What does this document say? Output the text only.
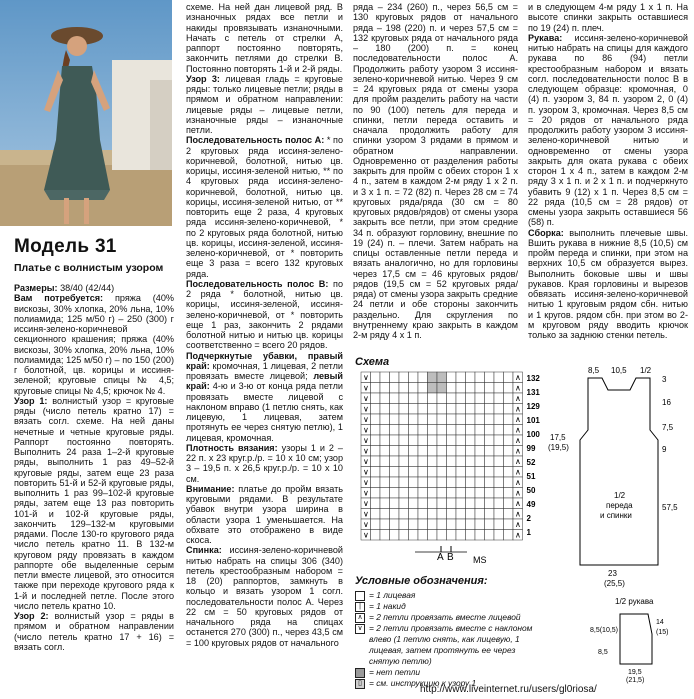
Модель 31
Платье с волнистым узором

Размеры: 38/40 (42/44)

Вам потребуется: пряжа (40% вискозы, 30% хлопка, 20% льна, 10% полиамида; 125 м/50 г) – 250 (300) г иссиня-зелено-коричневой секционного крашения; пряжа (40% вискозы, 30% хлопка, 20% льна, 10% полиамида; 125 м/50 г) – по 150 (200) г болотной, цв. корицы и иссиня-зеленой; круговые спицы № 4,5; круговые спицы № 4,5; крючок № 4.

Узор 1: волнистый узор = круговые ряды (число петель кратно 17) = вязать согл. схеме. На ней даны нечетные и четные круговые ряды. Раппорт постоянно повторять. Выполнить 24 раза 1–2-й круговые ряды, выполнить 1 раз 49–52-й круговые ряды, затем еще 23 раза повторить 51-й и 52-й круговые ряды, выполнить 1 раз 99–102-й круговые ряды, затем еще 13 раз повторить 101-й и 102-й круговые ряды, закончить 129–132-м круговыми рядами. После 130-го кругового ряда число петель кратно 11. В 132-м круговом ряду провязать в каждом раппорте обе выделенные серым петли вместе лицевой, это относится также при переходе кругового ряда к 1-й и последней петле. После этого число петель кратно 10.

Узор 2: волнистый узор = ряды в прямом и обратном направлении (число петель кратно 17 + 16) = вязать согл.

схеме. На ней дан лицевой ряд. В изнаночных рядах все петли и накиды провязывать изнаночными. Начать с петель от стрелки А, раппорт постоянно повторять, закончить петлями до стрелки В. Постоянно повторять 1-й и 2-й ряды.

Узор 3: лицевая гладь = круговые ряды: только лицевые петли; ряды в прямом и обратном направлении: лицевые ряды – лицевые петли, изнаночные ряды – изнаночные петли.

Последовательность полос А: * по 2 круговых ряда иссиня-зелено-коричневой, болотной, нитью цв. корицы, иссиня-зеленой нитью, ** по 4 круговых ряда иссиня-зелено-коричневой, болотной, нитью цв. корицы, иссиня-зеленой нитью, от ** повторить еще 2 раза, 4 круговых ряда иссиня-зелено-коричневой, * по 2 круговых ряда болотной, нитью цв. корицы, иссиня-зеленой, иссиня-зелено-коричневой, от * повторить еще 3 раза = всего 132 круговых ряда.

Последовательность полос В: по 2 ряда * болотной, нитью цв. корицы, иссиня-зеленой, иссиня-зелено-коричневой, от * повторить еще 1 раз, закончить 2 рядами болотной нитью и нитью цв. корицы соответственно = всего 20 рядов.

Подчеркнутые убавки, правый край: кромочная, 1 лицевая, 2 петли провязать вместе лицевой; левый край: 4-ю и 3-ю от конца ряда петли провязать вместе лицевой с наклоном вправо (1 петлю снять, как лицевую, 1 лицевая, затем протянуть ее через снятую петлю), 1 лицевая, кромочная.

Плотность вязания: узоры 1 и 2 – 22 п. х 23 круг.р./р. = 10 х 10 см; узор 3 – 19,5 п. х 26,5 круг.р./р. = 10 х 10 см.

Внимание: платье до пройм вязать круговыми рядами. В результате убавок внутри узора ширина в области узора 1 уменьшается. На обхвате это отображено в виде скоса.

Спинка: иссиня-зелено-коричневой нитью набрать на спицы 306 (340) петель крестообразным набором = 18 (20) раппортов, замкнуть в кольцо и вязать узором 1 согл. последовательности полос А. Через 22 см = 50 круговых рядов от начального ряда на спицах останется 270 (300) п., через 43,5 см = 100 круговых рядов от начального

ряда – 234 (260) п., через 56,5 см = 130 круговых рядов от начального ряда – 198 (220) п. и через 57,5 см = 132 круговых ряда от начального ряда – 180 (200) п. = конец последовательности полос А. Продолжить работу узором 3 иссиня-зелено-коричневой нитью. Через 9 см = 24 круговых ряда от смены узора для пройм разделить работу на части по 90 (100) петель для переда и спинки, петли переда оставить и сначала продолжить работу для спинки узором 3 рядами в прямом и обратном направлении. Одновременно от разделения работы закрыть для пройм с обеих сторон 1 х 4 п., затем в каждом 2-м ряду 1 х 2 п. и 3 х 1 п. = 72 (82) п. Через 28 см = 74 круговых ряда/ряда (30 см = 80 круговых рядов/рядов) от смены узора закрыть все петли, при этом средние 34 п. образуют горловину, внешние по 19 (24) п. – плечи. Затем набрать на спицы оставленные петли переда и вязать аналогично, но для горловины через 17,5 см = 46 круговых рядов/рядов (19,5 см = 52 круговых ряда/ряда) от смены узора закрыть средние 24 петли и обе стороны закончить раздельно. Для скругления по внутреннему краю закрыть в каждом 2-м ряду 4 х 1 п.

и в следующем 4-м ряду 1 х 1 п. На высоте спинки закрыть оставшиеся по 19 (24) п. плеч.

Рукава: иссиня-зелено-коричневой нитью набрать на спицы для каждого рукава по 86 (94) петли крестообразным набором и вязать согл. последовательности полос В в следующем образце: кромочная, 0 (4) п. узором 3, 84 п. узором 2, 0 (4) п. узором 3, кромочная. Через 8,5 см = 20 рядов от начального ряда продолжить работу узором 3 иссиня-зелено-коричневой нитью и одновременно от смены узора закрыть для оката рукава с обеих сторон 1 х 4 п., затем в каждом 2-м ряду 3 х 1 п. и 2 х 1 п. и подчеркнуто убавить 9 (12) х 1 п. Через 8,5 см = 22 ряда (10,5 см = 28 рядов) от смены узора закрыть оставшиеся 56 (58) п.

Сборка: выполнить плечевые швы. Вшить рукава в нижние 8,5 (10,5) см пройм переда и спинки, при этом на верхних 10,5 см образуется вырез. Выполнить боковые швы и швы рукавов. Края горловины и вырезов обвязать иссиня-зелено-коричневой нитью 1 круговым рядом сбн. нитью и 1 кругов. рядом сбн. при этом во 2-м круговом ряду вводить крючок только за заднюю стенки петель.

Схема
∨	∧
∨	∧
∨	∧
∨	∧
∨	∧
∨	∧
∨	∧
∨	∧
∨	∧
∨	∧
∨	∧
∨	∧
∨	∧
∨	∧
∨	∧
∨	∧
132
131
129
101
100
99
52
51
50
49
2
1
A B MS
Условные обозначения:
= 1 лицевая
| = 1 накид
∧ = 2 петли провязать вместе лицевой
∨ = 2 петли провязать вместе с наклоном влево (1 петлю снять, как лицевую, 1 лицевая, затем протянуть ее через снятую петлю)
= нет петли
▯ = см. инструкцию к узору 1
8,5 10,5 1/2
3
16
7,5
9
57,5
17,5
(19,5)
1/2
переда
и спинки
23
(25,5)
1/2 рукава
8,5(10,5)
8,5
14
(15)
19,5
(21,5)
http://www.liveinternet.ru/users/gl0riosa/
